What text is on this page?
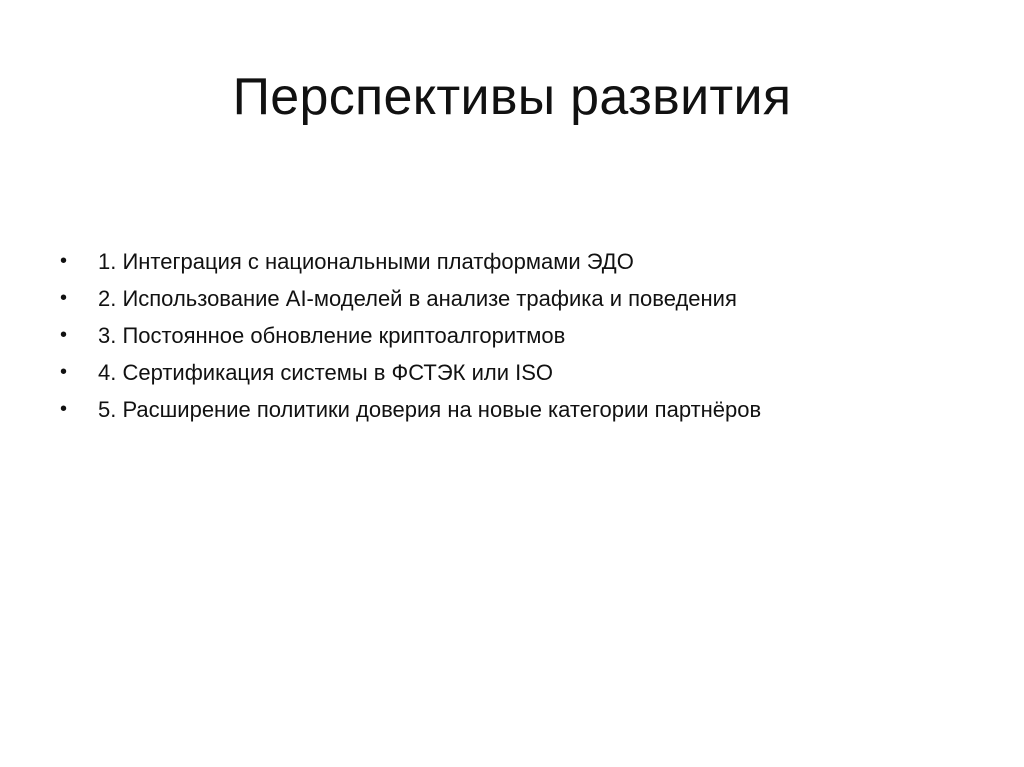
Перспективы развития
•	1. Интеграция с национальными платформами ЭДО
•	2. Использование AI-моделей в анализе трафика и поведения
•	3. Постоянное обновление криптоалгоритмов
•	4. Сертификация системы в ФСТЭК или ISO
•	5. Расширение политики доверия на новые категории партнёров
